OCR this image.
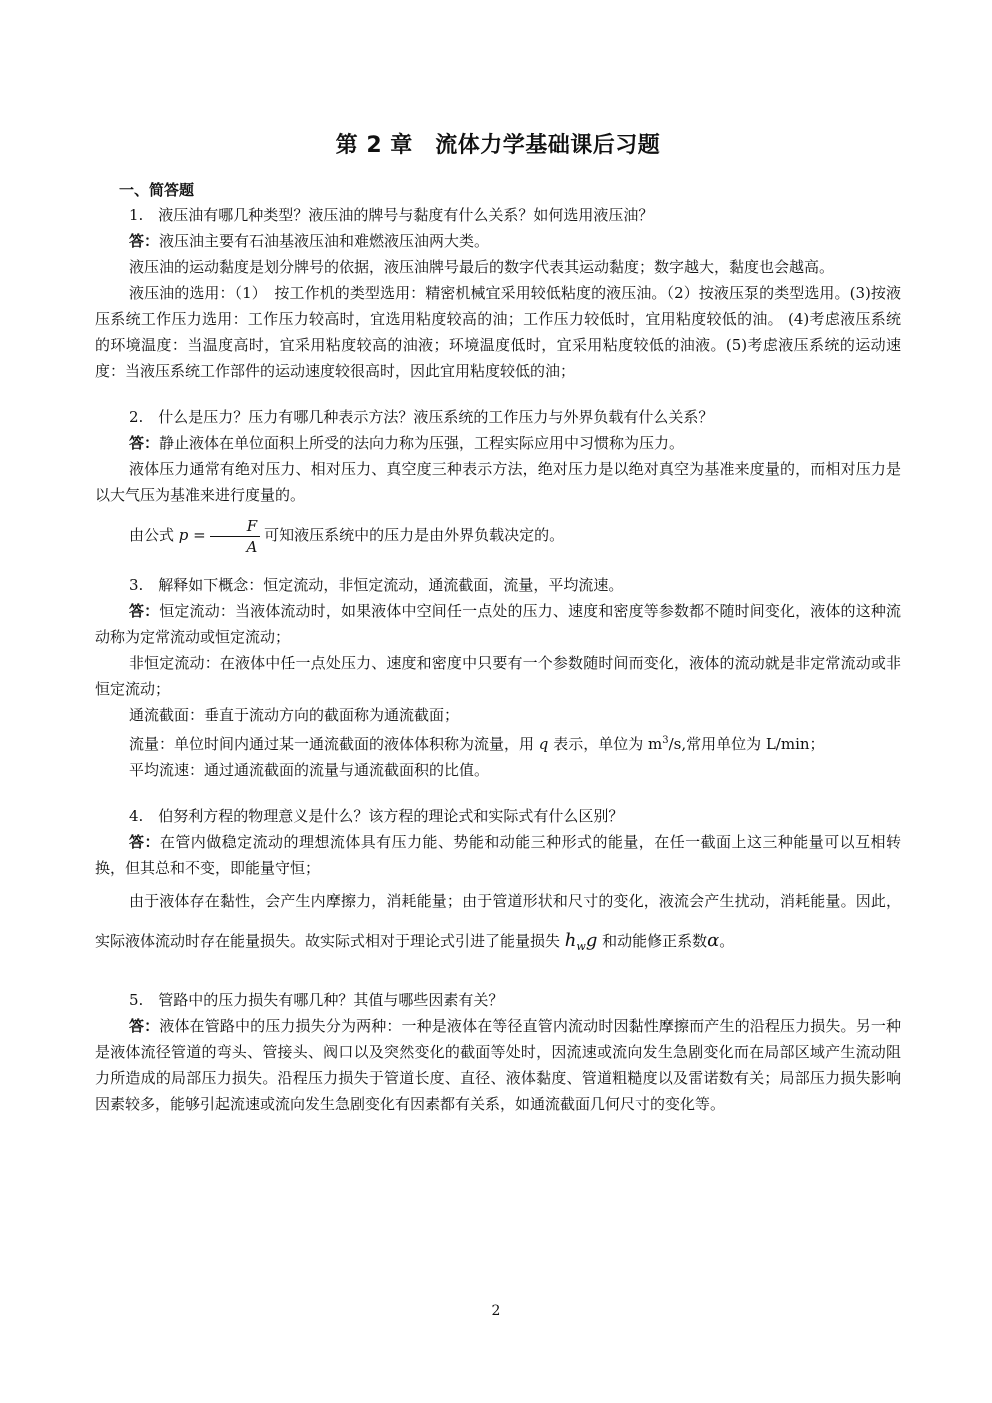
第 2 章　流体力学基础课后习题
一、简答题

1.　液压油有哪几种类型？液压油的牌号与黏度有什么关系？如何选用液压油？

答：液压油主要有石油基液压油和难燃液压油两大类。

液压油的运动黏度是划分牌号的依据，液压油牌号最后的数字代表其运动黏度；数字越大，黏度也会越高。

液压油的选用：（1）　按工作机的类型选用：精密机械宜采用较低粘度的液压油。（2）按液压泵的类型选用。(3)按液压系统工作压力选用：工作压力较高时，宜选用粘度较高的油；工作压力较低时，宜用粘度较低的油。 (4)考虑液压系统的环境温度：当温度高时，宜采用粘度较高的油液；环境温度低时，宜采用粘度较低的油液。(5)考虑液压系统的运动速度：当液压系统工作部件的运动速度较很高时，因此宜用粘度较低的油；

2.　什么是压力？压力有哪几种表示方法？液压系统的工作压力与外界负载有什么关系？

答：静止液体在单位面积上所受的法向力称为压强，工程实际应用中习惯称为压力。

液体压力通常有绝对压力、相对压力、真空度三种表示方法，绝对压力是以绝对真空为基准来度量的，而相对压力是以大气压为基准来进行度量的。

由公式 $p = \frac{F}{A}$ 可知液压系统中的压力是由外界负载决定的。

3.　解释如下概念：恒定流动，非恒定流动，通流截面，流量，平均流速。

答：恒定流动：当液体流动时，如果液体中空间任一点处的压力、速度和密度等参数都不随时间变化，液体的这种流动称为定常流动或恒定流动；

非恒定流动：在液体中任一点处压力、速度和密度中只要有一个参数随时间而变化，液体的流动就是非定常流动或非恒定流动；

通流截面：垂直于流动方向的截面称为通流截面；

流量：单位时间内通过某一通流截面的液体体积称为流量，用 q 表示，单位为 $m^3/s$,常用单位为 L/min；

平均流速：通过通流截面的流量与通流截面积的比值。

4.　伯努利方程的物理意义是什么？该方程的理论式和实际式有什么区别？

答：在管内做稳定流动的理想流体具有压力能、势能和动能三种形式的能量，在任一截面上这三种能量可以互相转换，但其总和不变，即能量守恒；

由于液体存在黏性，会产生内摩擦力，消耗能量；由于管道形状和尺寸的变化，液流会产生扰动，消耗能量。因此，实际液体流动时存在能量损失。故实际式相对于理论式引进了能量损失 $h_wg$ 和动能修正系数α。

5.　管路中的压力损失有哪几种？其值与哪些因素有关？

答：液体在管路中的压力损失分为两种：一种是液体在等径直管内流动时因黏性摩擦而产生的沿程压力损失。另一种是液体流径管道的弯头、管接头、阀口以及突然变化的截面等处时，因流速或流向发生急剧变化而在局部区域产生流动阻力所造成的局部压力损失。沿程压力损失于管道长度、直径、液体黏度、管道粗糙度以及雷诺数有关；局部压力损失影响因素较多，能够引起流速或流向发生急剧变化有因素都有关系，如通流截面几何尺寸的变化等。

2
